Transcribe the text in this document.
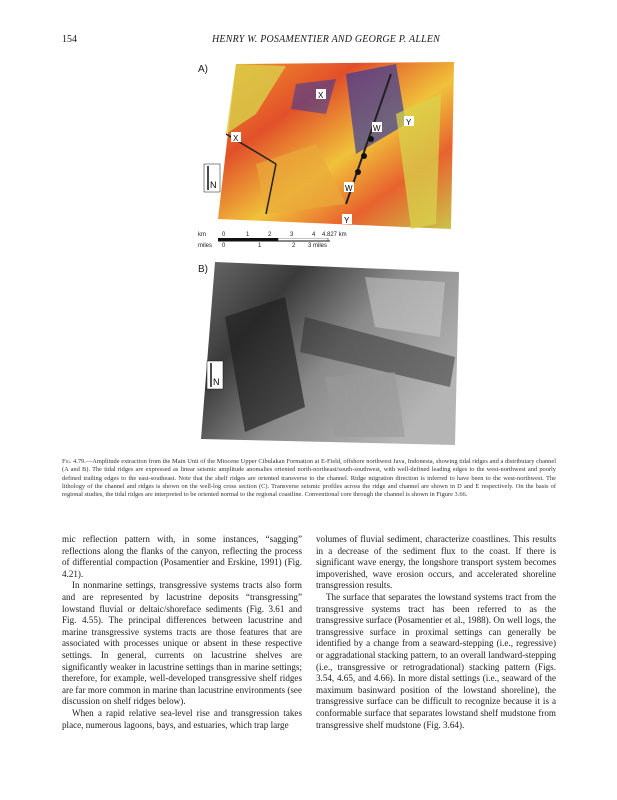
154	HENRY W. POSAMENTIER AND GEORGE P. ALLEN
A)
X
X
W
Y
W
Y
N
km
miles
0	1	2	3	4 4.827 km
0	1	2 3 miles
B)
N
Fig. 4.79.—Amplitude extraction from the Main Unit of the Miocene Upper Cibulakan Formation at E-Field, offshore northwest Java, Indonesia, showing tidal ridges and a distributary channel (A and B). The tidal ridges are expressed as linear seismic amplitude anomalies oriented north-northeast/south-southwest, with well-defined leading edges to the west-northwest and poorly defined trailing edges to the east-southeast. Note that the shelf ridges are oriented transverse to the channel. Ridge migration direction is inferred to have been to the west-northwest. The lithology of the channel and ridges is shown on the well-log cross section (C). Transverse seismic profiles across the ridge and channel are shown in D and E respectively. On the basis of regional studies, the tidal ridges are interpreted to be oriented normal to the regional coastline. Conventional core through the channel is shown in Figure 3.66.

mic reflection pattern with, in some instances, “sagging” reflections along the flanks of the canyon, reflecting the process of differential compaction (Posamentier and Erskine, 1991) (Fig. 4.21).

In nonmarine settings, transgressive systems tracts also form and are represented by lacustrine deposits “transgressing” lowstand fluvial or deltaic/shoreface sediments (Fig. 3.61 and Fig. 4.55). The principal differences between lacustrine and marine transgressive systems tracts are those features that are associated with processes unique or absent in these respective settings. In general, currents on lacustrine shelves are significantly weaker in lacustrine settings than in marine settings; therefore, for example, well-developed transgressive shelf ridges are far more common in marine than lacustrine environments (see discussion on shelf ridges below).

When a rapid relative sea-level rise and transgression takes place, numerous lagoons, bays, and estuaries, which trap large

volumes of fluvial sediment, characterize coastlines. This results in a decrease of the sediment flux to the coast. If there is significant wave energy, the longshore transport system becomes impoverished, wave erosion occurs, and accelerated shoreline transgression results.

The surface that separates the lowstand systems tract from the transgressive systems tract has been referred to as the transgressive surface (Posamentier et al., 1988). On well logs, the transgressive surface in proximal settings can generally be identified by a change from a seaward-stepping (i.e., regressive) or aggradational stacking pattern, to an overall landward-stepping (i.e., transgressive or retrogradational) stacking pattern (Figs. 3.54, 4.65, and 4.66). In more distal settings (i.e., seaward of the maximum basinward position of the lowstand shoreline), the transgressive surface can be difficult to recognize because it is a conformable surface that separates lowstand shelf mudstone from transgressive shelf mudstone (Fig. 3.64).
